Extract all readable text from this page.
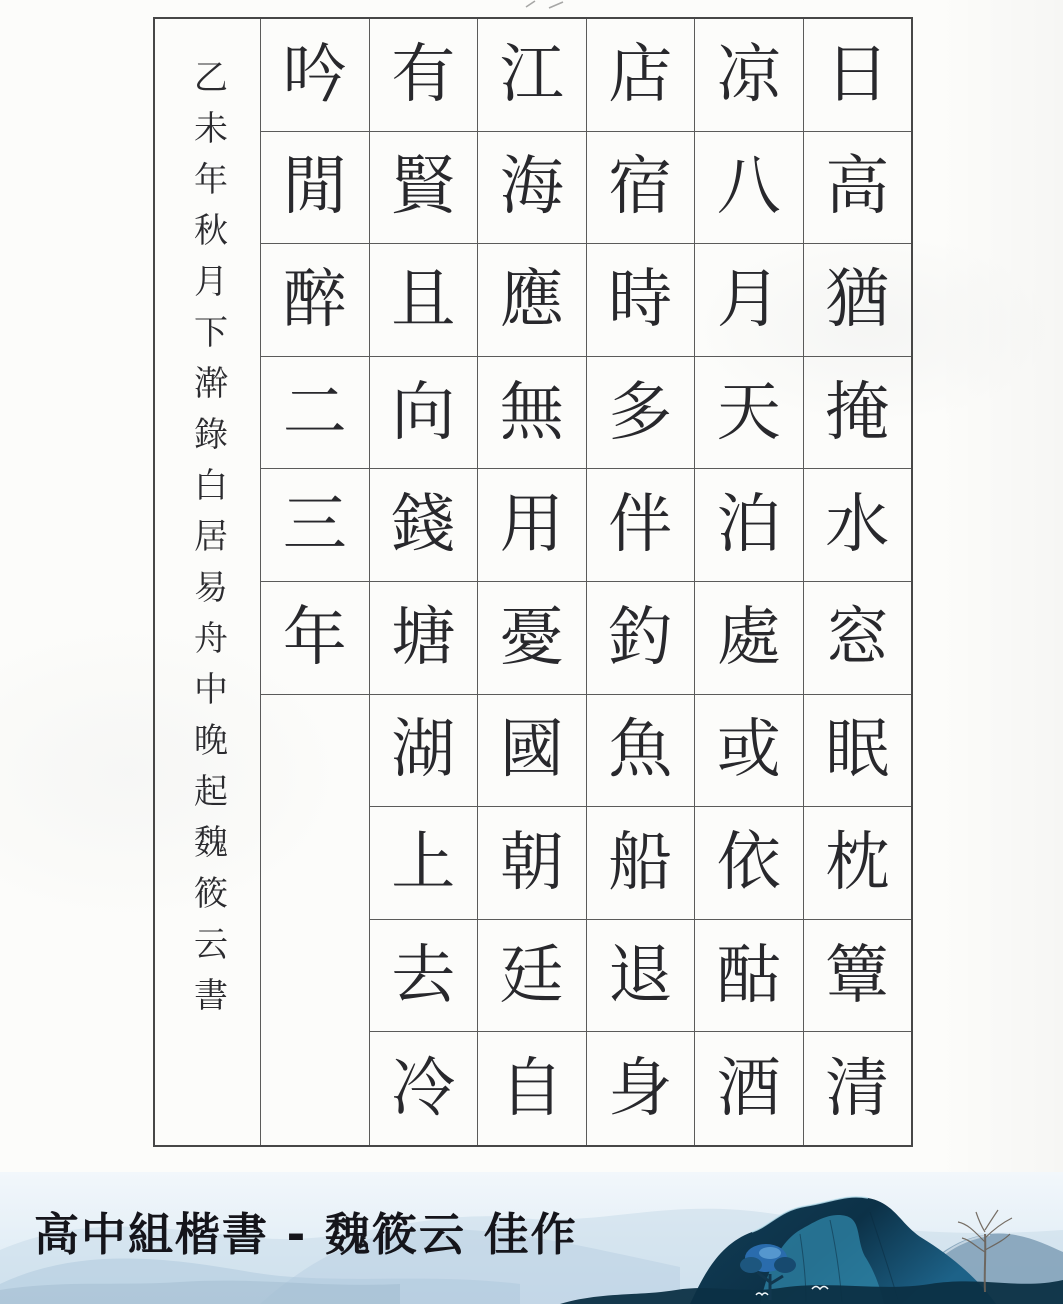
乙未年秋月下澣錄白居易舟中晚起魏筱云書 吟
閒
醉
二
三
年
有
賢
且
向
錢
塘
湖
上
去
冷
江
海
應
無
用
憂
國
朝
廷
自
店
宿
時
多
伴
釣
魚
船
退
身
凉
八
月
天
泊
處
或
依
酤
酒
日
高
猶
掩
水
窓
眠
枕
簟
清
高中組楷書 - 魏筱云 佳作
